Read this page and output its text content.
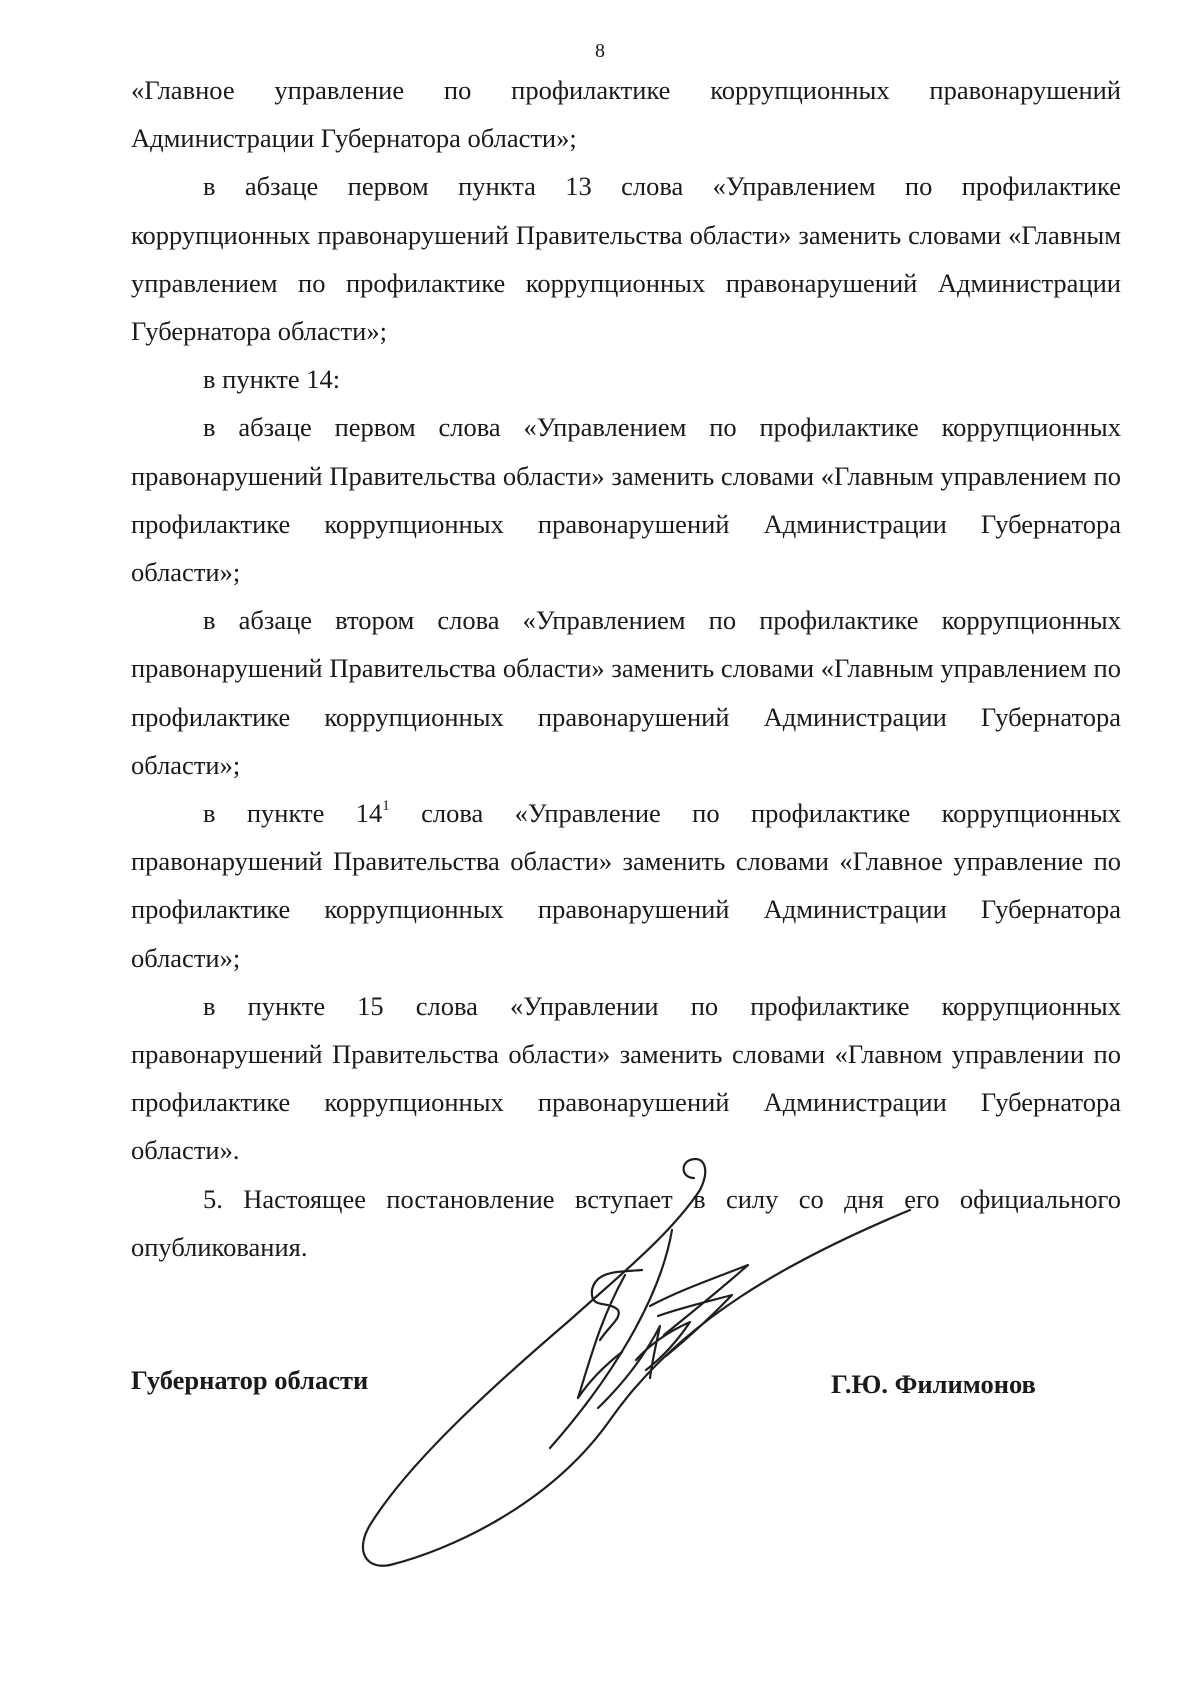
8

«Главное управление по профилактике коррупционных правонарушений Администрации Губернатора области»;

в абзаце первом пункта 13 слова «Управлением по профилактике коррупционных правонарушений Правительства области» заменить словами «Главным управлением по профилактике коррупционных правонарушений Администрации Губернатора области»;

в пункте 14:

в абзаце первом слова «Управлением по профилактике коррупционных правонарушений Правительства области» заменить словами «Главным управлением по профилактике коррупционных правонарушений Администрации Губернатора области»;

в абзаце втором слова «Управлением по профилактике коррупционных правонарушений Правительства области» заменить словами «Главным управлением по профилактике коррупционных правонарушений Администрации Губернатора области»;

в пункте $14^1$ слова «Управление по профилактике коррупционных правонарушений Правительства области» заменить словами «Главное управление по профилактике коррупционных правонарушений Администрации Губернатора области»;

в пункте 15 слова «Управлении по профилактике коррупционных правонарушений Правительства области» заменить словами «Главном управлении по профилактике коррупционных правонарушений Администрации Губернатора области».

5. Настоящее постановление вступает в силу со дня его официального опубликования.

Губернатор области	Г.Ю. Филимонов
